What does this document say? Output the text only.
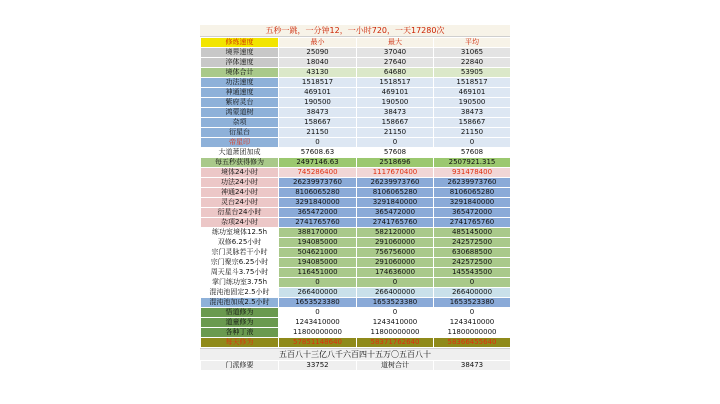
五秒一跳，一分钟12，一小时720，一天17280次
修炼速度	最小	最大	平均
境界速度	25090	37040	31065
淬体速度	18040	27640	22840
境体合计	43130	64680	53905
功法速度	1518517	1518517	1518517
神通速度	469101	469101	469101
紫府灵台	190500	190500	190500
鸿蒙道树	38473	38473	38473
杂项	158667	158667	158667
衍星台	21150	21150	21150
帝星印	0	0	0
大道萧团加成	57608.63	57608	57608
每五秒获得修为	2497146.63	2518696	2507921.315
境体24小时	745286400	1117670400	931478400
功法24小时	26239973760	26239973760	26239973760
神通24小时	8106065280	8106065280	8106065280
灵台24小时	3291840000	3291840000	3291840000
衍星台24小时	365472000	365472000	365472000
杂项24小时	2741765760	2741765760	2741765760
练功室境体12.5h	388170000	582120000	485145000
双修6.25小时	194085000	291060000	242572500
宗门灵脉若干小时	504621000	756756000	630688500
宗门聚宗6.25小时	194085000	291060000	242572500
周天星斗3.75小时	116451000	174636000	145543500
掌门练功室3.75h	0	0	0
混沌池固定2.5小时	266400000	266400000	266400000
混沌池加成2.5小时	1653523380	1653523380	1653523380
悟道修为	0	0	0
道童修为	1243410000	1243410000	1243410000
各种丁液	11800000000	11800000000	11800000000
每天修为	57851148640	58371762640	58366455640
五百八十三亿八千六百四十五万〇五百八十
门派修要	33752	道树合计	38473
